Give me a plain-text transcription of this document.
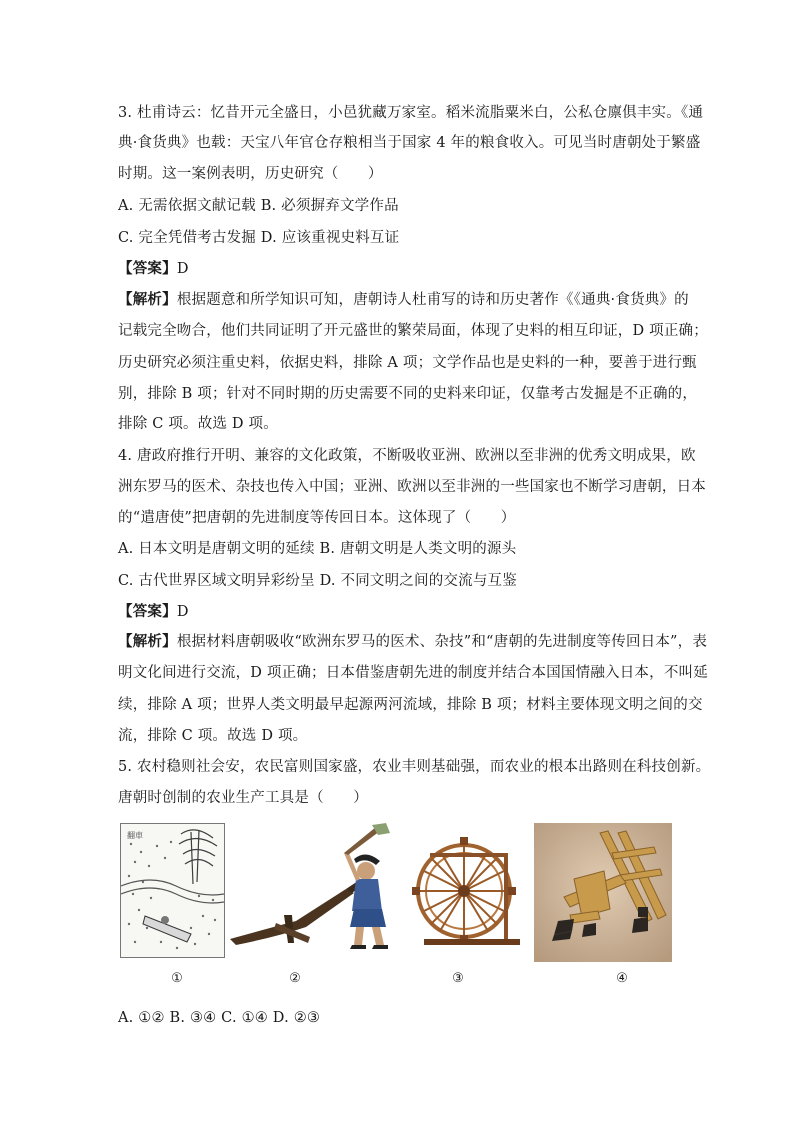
3. 杜甫诗云：忆昔开元全盛日，小邑犹藏万家室。稻米流脂粟米白，公私仓廪俱丰实。《通
典·食货典》也载：天宝八年官仓存粮相当于国家 4 年的粮食收入。可见当时唐朝处于繁盛
时期。这一案例表明，历史研究（　　）
A. 无需依据文献记载 B. 必须摒弃文学作品
C. 完全凭借考古发掘 D. 应该重视史料互证
【答案】D
【解析】根据题意和所学知识可知，唐朝诗人杜甫写的诗和历史著作《《通典·食货典》的
记载完全吻合，他们共同证明了开元盛世的繁荣局面，体现了史料的相互印证，D 项正确；
历史研究必须注重史料，依据史料，排除 A 项；文学作品也是史料的一种，要善于进行甄
别，排除 B 项；针对不同时期的历史需要不同的史料来印证，仅靠考古发掘是不正确的，
排除 C 项。故选 D 项。
4. 唐政府推行开明、兼容的文化政策，不断吸收亚洲、欧洲以至非洲的优秀文明成果，欧
洲东罗马的医术、杂技也传入中国；亚洲、欧洲以至非洲的一些国家也不断学习唐朝，日本
的“遣唐使”把唐朝的先进制度等传回日本。这体现了（　　）
A. 日本文明是唐朝文明的延续 B. 唐朝文明是人类文明的源头
C. 古代世界区域文明异彩纷呈 D. 不同文明之间的交流与互鉴
【答案】D
【解析】根据材料唐朝吸收“欧洲东罗马的医术、杂技”和“唐朝的先进制度等传回日本”，表
明文化间进行交流，D 项正确；日本借鉴唐朝先进的制度并结合本国国情融入日本，不叫延
续，排除 A 项；世界人类文明最早起源两河流域，排除 B 项；材料主要体现文明之间的交
流，排除 C 项。故选 D 项。
5. 农村稳则社会安，农民富则国家盛，农业丰则基础强，而农业的根本出路则在科技创新。
唐朝时创制的农业生产工具是（　　）
翻車
①	②	③	④
A. ①② B. ③④ C. ①④ D. ②③
